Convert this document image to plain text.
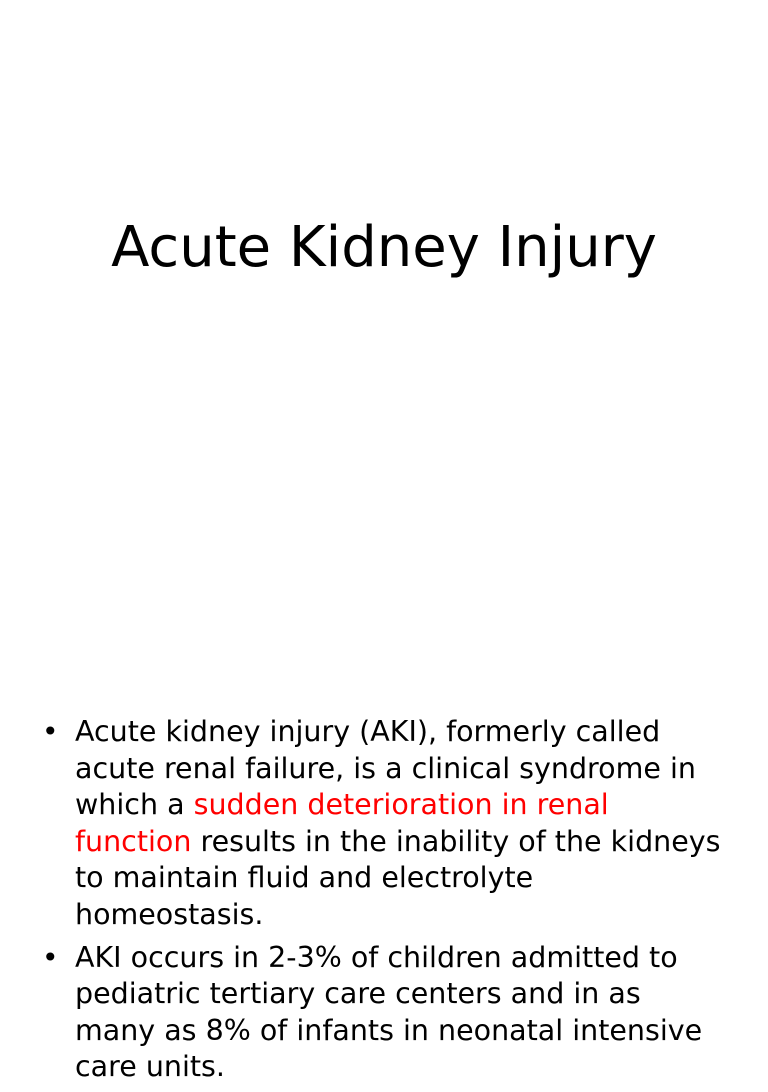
Acute Kidney Injury
• Acute kidney injury (AKI), formerly called acute renal failure, is a clinical syndrome in which a sudden deterioration in renal function results in the inability of the kidneys to maintain fluid and electrolyte homeostasis.
• AKI occurs in 2-3% of children admitted to pediatric tertiary care centers and in as many as 8% of infants in neonatal intensive care units.
